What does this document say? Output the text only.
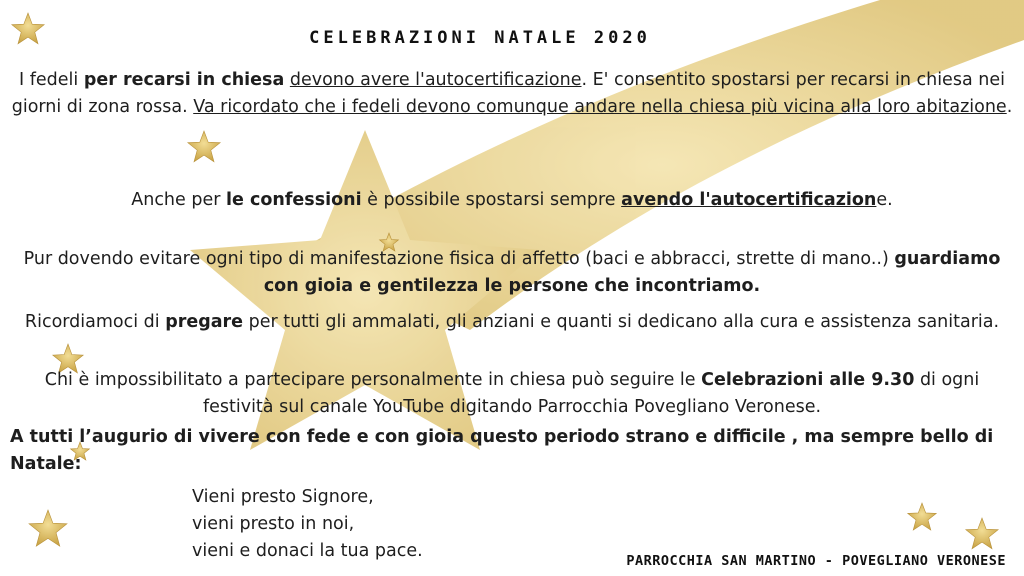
CELEBRAZIONI NATALE 2020

I fedeli per recarsi in chiesa devono avere l'autocertificazione. E' consentito spostarsi per recarsi in chiesa nei giorni di zona rossa. Va ricordato che i fedeli devono comunque andare nella chiesa più vicina alla loro abitazione.

Anche per le confessioni è possibile spostarsi sempre avendo l'autocertificazione.

Pur dovendo evitare ogni tipo di manifestazione fisica di affetto (baci e abbracci, strette di mano..) guardiamo con gioia e gentilezza le persone che incontriamo.

Ricordiamoci di pregare per tutti gli ammalati, gli anziani e quanti si dedicano alla cura e assistenza sanitaria.

Chi è impossibilitato a partecipare personalmente in chiesa può seguire le Celebrazioni alle 9.30 di ogni festività sul canale YouTube digitando Parrocchia Povegliano Veronese.

A tutti l’augurio di vivere con fede e con gioia questo periodo strano e difficile , ma sempre bello di Natale:

Vieni presto Signore,
vieni presto in noi,
vieni e donaci la tua pace.	PARROCCHIA SAN MARTINO - POVEGLIANO VERONESE
